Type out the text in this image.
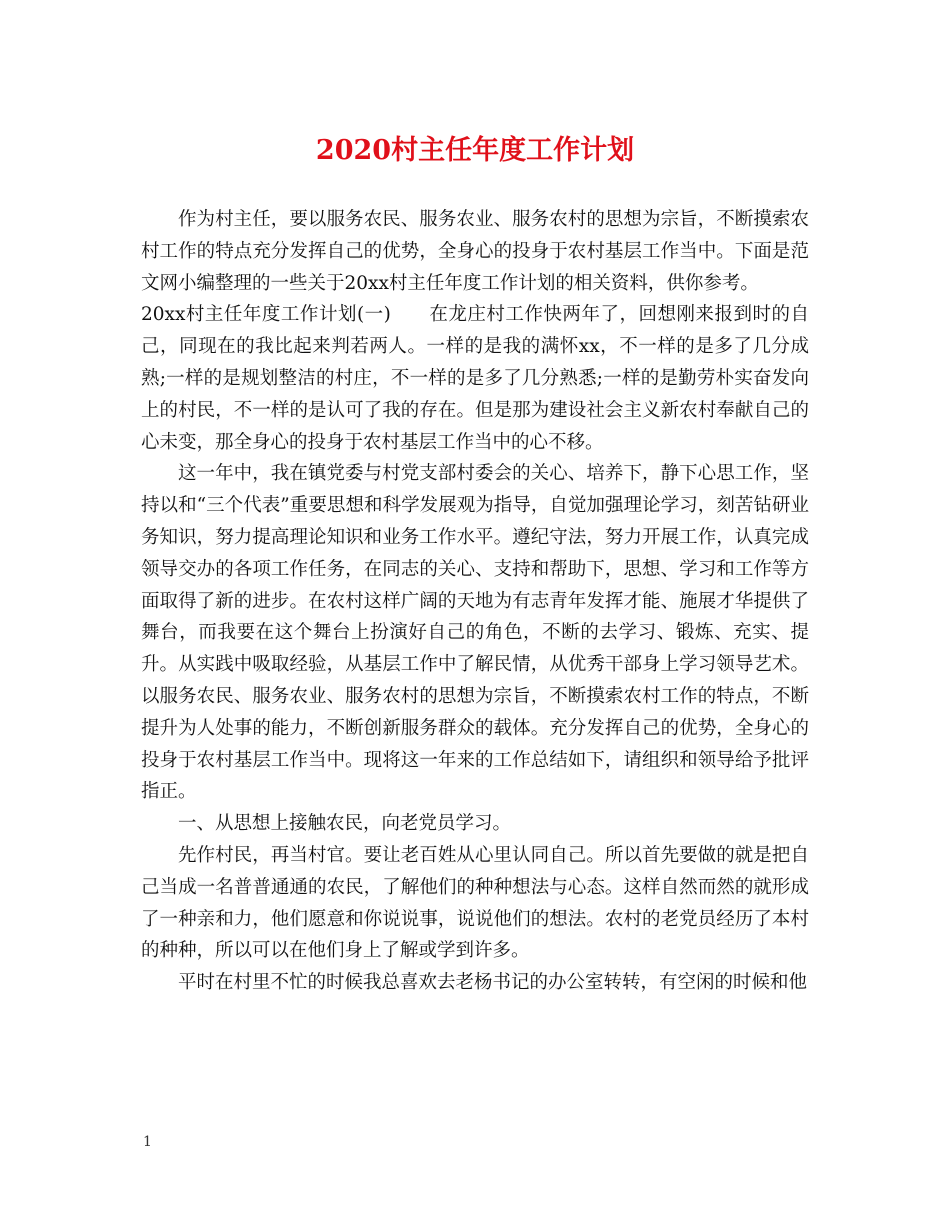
2020村主任年度工作计划

作为村主任，要以服务农民、服务农业、服务农村的思想为宗旨，不断摸索农村工作的特点充分发挥自己的优势，全身心的投身于农村基层工作当中。下面是范文网小编整理的一些关于20xx村主任年度工作计划的相关资料，供你参考。

20xx村主任年度工作计划(一)　　在龙庄村工作快两年了，回想刚来报到时的自己，同现在的我比起来判若两人。一样的是我的满怀xx，不一样的是多了几分成熟;一样的是规划整洁的村庄，不一样的是多了几分熟悉;一样的是勤劳朴实奋发向上的村民，不一样的是认可了我的存在。但是那为建设社会主义新农村奉献自己的心未变，那全身心的投身于农村基层工作当中的心不移。

这一年中，我在镇党委与村党支部村委会的关心、培养下，静下心思工作，坚持以和“三个代表”重要思想和科学发展观为指导，自觉加强理论学习，刻苦钻研业务知识，努力提高理论知识和业务工作水平。遵纪守法，努力开展工作，认真完成领导交办的各项工作任务，在同志的关心、支持和帮助下，思想、学习和工作等方面取得了新的进步。在农村这样广阔的天地为有志青年发挥才能、施展才华提供了舞台，而我要在这个舞台上扮演好自己的角色，不断的去学习、锻炼、充实、提升。从实践中吸取经验，从基层工作中了解民情，从优秀干部身上学习领导艺术。以服务农民、服务农业、服务农村的思想为宗旨，不断摸索农村工作的特点，不断提升为人处事的能力，不断创新服务群众的载体。充分发挥自己的优势，全身心的投身于农村基层工作当中。现将这一年来的工作总结如下，请组织和领导给予批评指正。

一、从思想上接触农民，向老党员学习。

先作村民，再当村官。要让老百姓从心里认同自己。所以首先要做的就是把自己当成一名普普通通的农民，了解他们的种种想法与心态。这样自然而然的就形成了一种亲和力，他们愿意和你说说事，说说他们的想法。农村的老党员经历了本村的种种，所以可以在他们身上了解或学到许多。

平时在村里不忙的时候我总喜欢去老杨书记的办公室转转，有空闲的时候和他

1
